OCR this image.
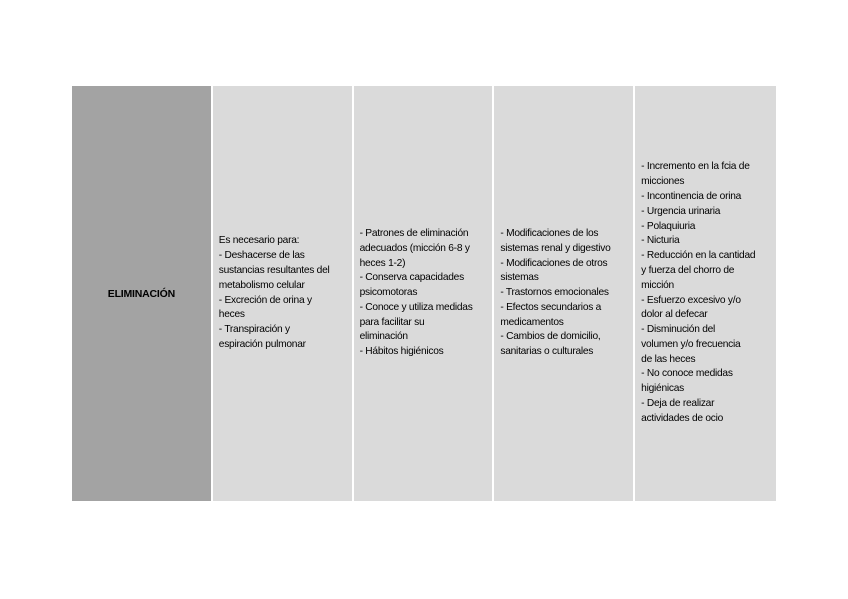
ELIMINACIÓN
Es necesario para:
- Deshacerse de las
sustancias resultantes del
metabolismo celular
- Excreción de orina y
heces
- Transpiración y
espiración pulmonar
- Patrones de eliminación
adecuados (micción 6-8 y
heces 1-2)
- Conserva capacidades
psicomotoras
- Conoce y utiliza medidas
para facilitar su
eliminación
- Hábitos higiénicos
- Modificaciones de los
sistemas renal y digestivo
- Modificaciones de otros
sistemas
- Trastornos emocionales
- Efectos secundarios a
medicamentos
- Cambios de domicilio,
sanitarias o culturales
- Incremento en la fcia de
micciones
- Incontinencia de orina
- Urgencia urinaria
- Polaquiuria
- Nicturia
- Reducción en la cantidad
y fuerza del chorro de
micción
- Esfuerzo excesivo y/o
dolor al defecar
- Disminución del
volumen y/o frecuencia
de las heces
- No conoce medidas
higiénicas
- Deja de realizar
actividades de ocio
